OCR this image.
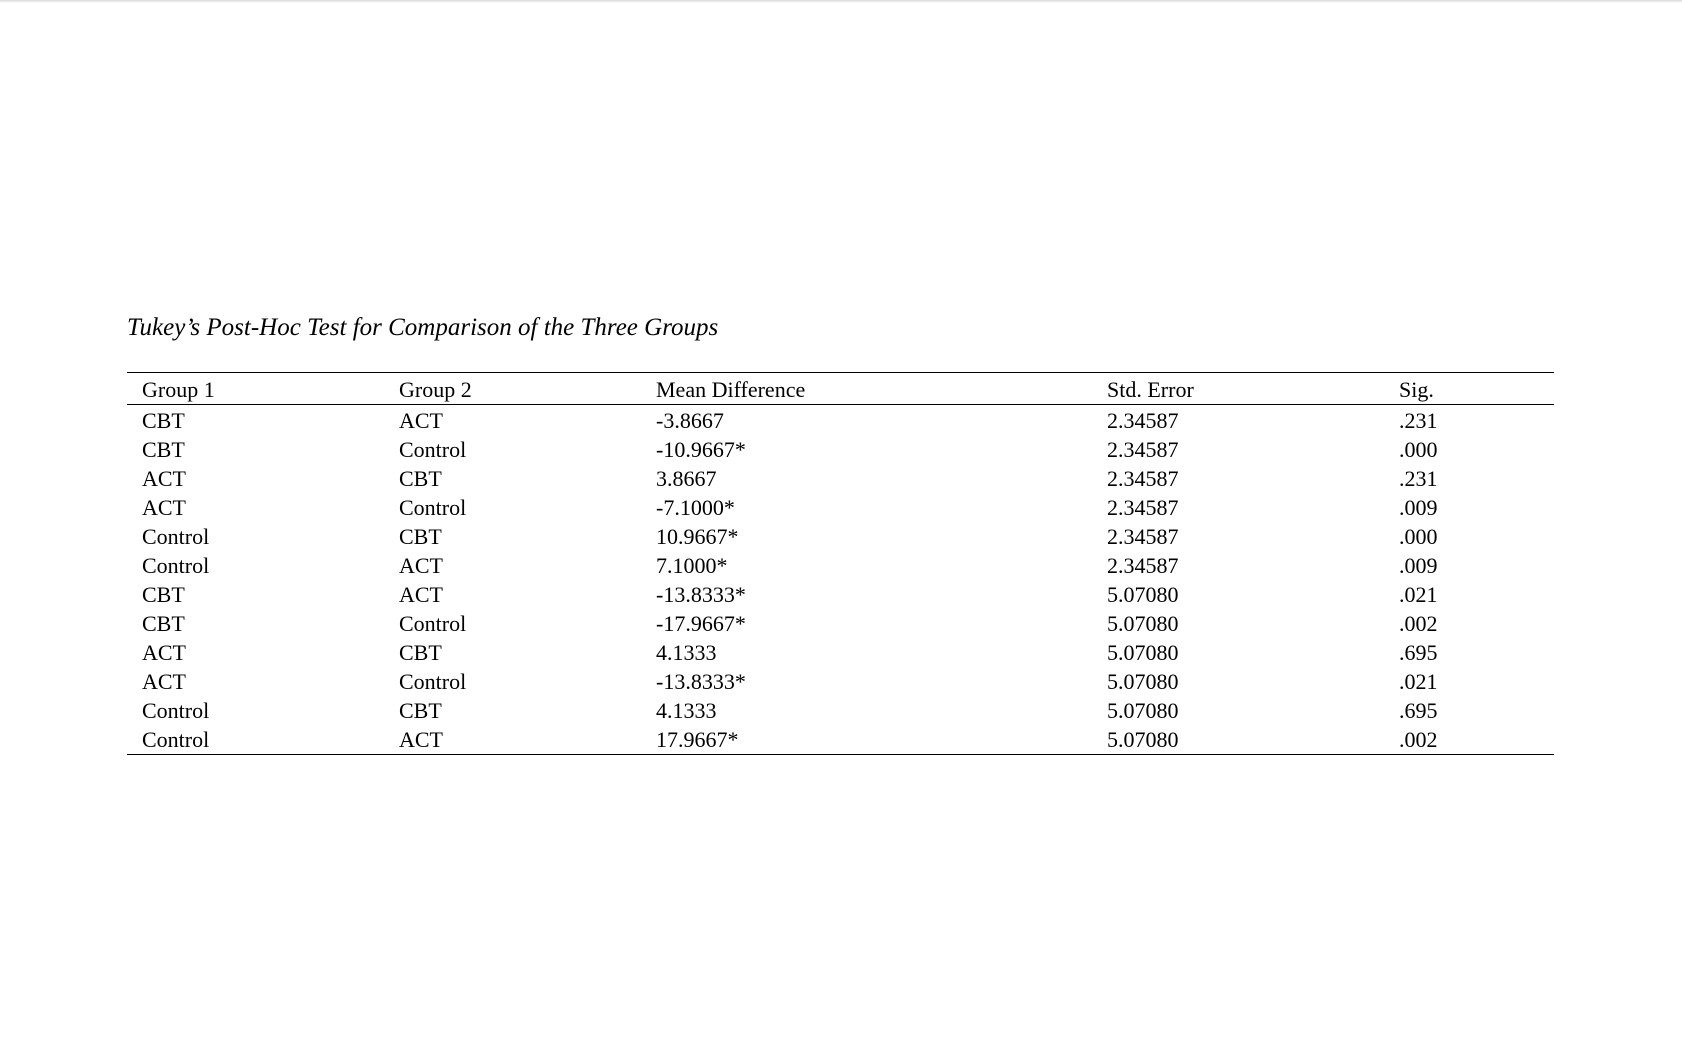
Tukey’s Post-Hoc Test for Comparison of the Three Groups
Group 1	Group 2	Mean Difference	Std. Error	Sig.
CBT	ACT	-3.8667	2.34587	.231
CBT	Control	-10.9667*	2.34587	.000
ACT	CBT	3.8667	2.34587	.231
ACT	Control	-7.1000*	2.34587	.009
Control	CBT	10.9667*	2.34587	.000
Control	ACT	7.1000*	2.34587	.009
CBT	ACT	-13.8333*	5.07080	.021
CBT	Control	-17.9667*	5.07080	.002
ACT	CBT	4.1333	5.07080	.695
ACT	Control	-13.8333*	5.07080	.021
Control	CBT	4.1333	5.07080	.695
Control	ACT	17.9667*	5.07080	.002
